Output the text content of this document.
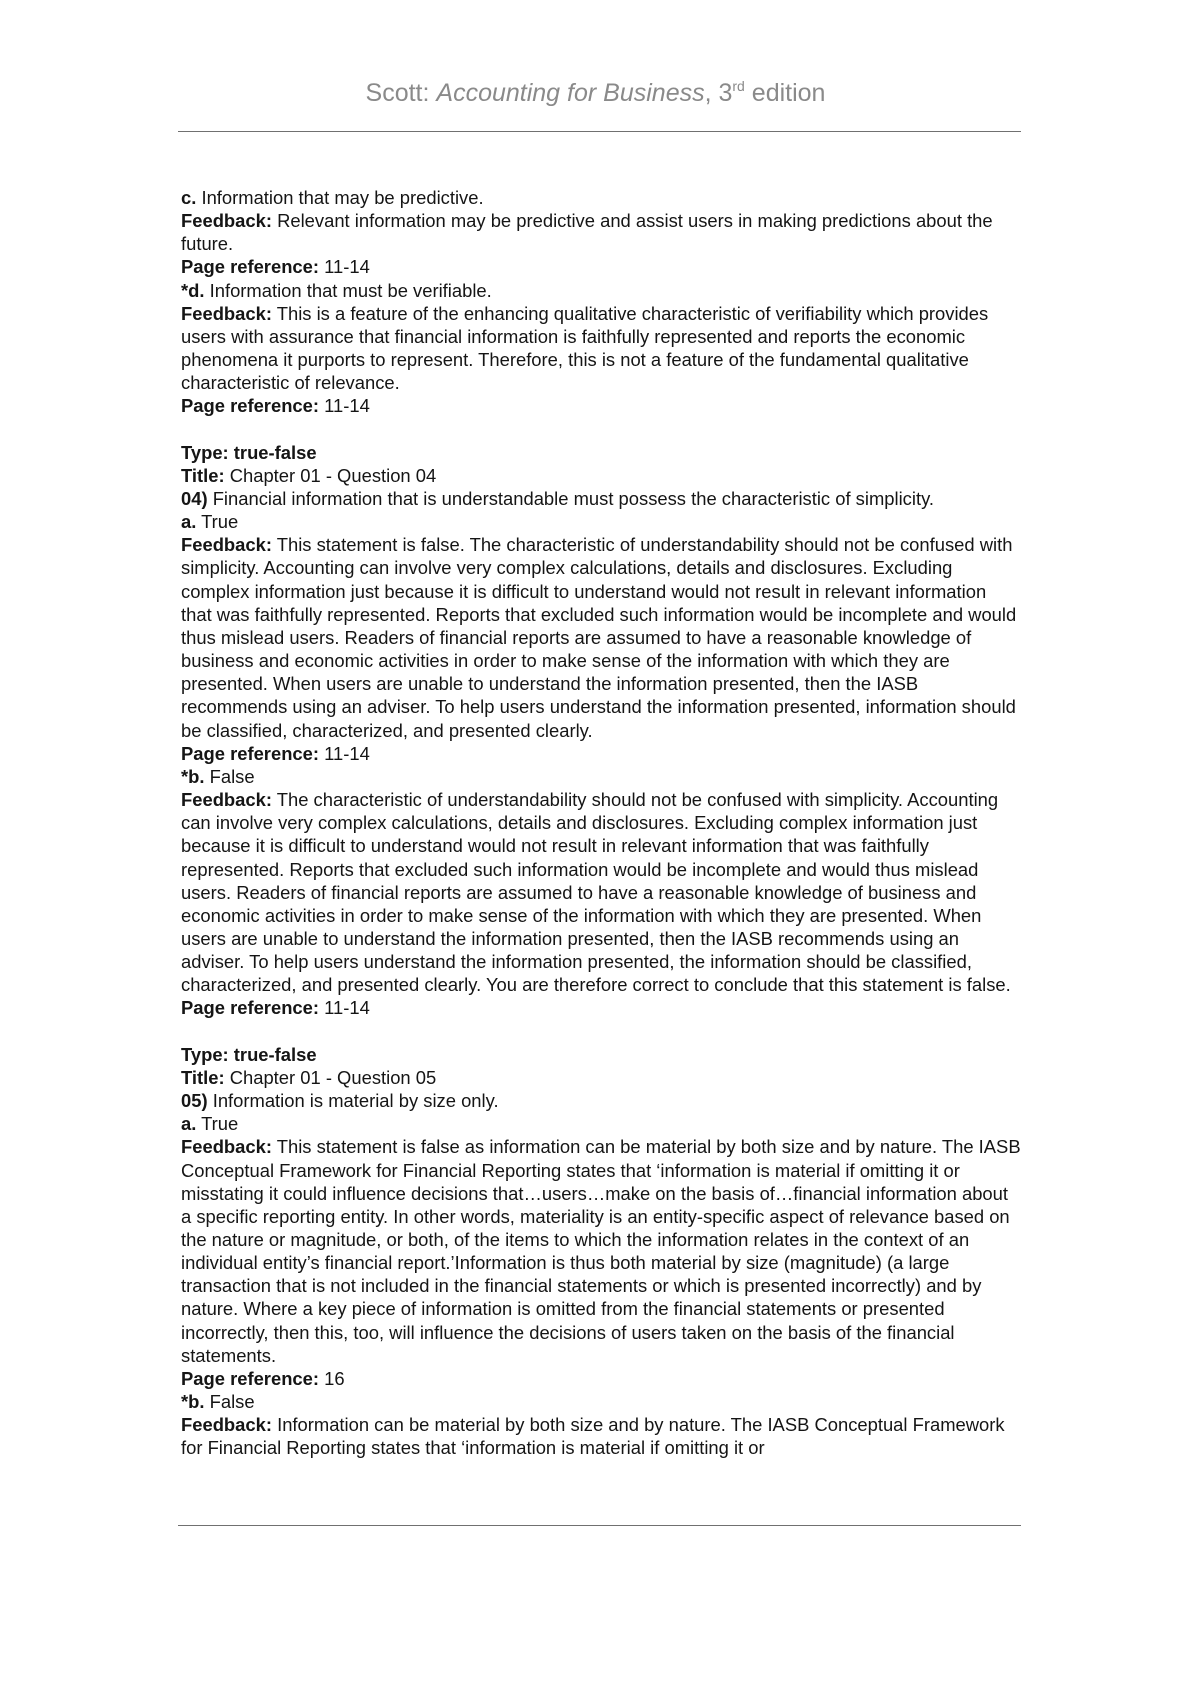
Scott: Accounting for Business, 3rd edition

c. Information that may be predictive.

Feedback: Relevant information may be predictive and assist users in making predictions about the future.

Page reference: 11-14

*d. Information that must be verifiable.

Feedback: This is a feature of the enhancing qualitative characteristic of verifiability which provides users with assurance that financial information is faithfully represented and reports the economic phenomena it purports to represent. Therefore, this is not a feature of the fundamental qualitative characteristic of relevance.

Page reference: 11-14

Type: true-false

Title: Chapter 01 - Question 04

04) Financial information that is understandable must possess the characteristic of simplicity.

a. True

Feedback: This statement is false. The characteristic of understandability should not be confused with simplicity. Accounting can involve very complex calculations, details and disclosures. Excluding complex information just because it is difficult to understand would not result in relevant information that was faithfully represented. Reports that excluded such information would be incomplete and would thus mislead users. Readers of financial reports are assumed to have a reasonable knowledge of business and economic activities in order to make sense of the information with which they are presented. When users are unable to understand the information presented, then the IASB recommends using an adviser. To help users understand the information presented, information should be classified, characterized, and presented clearly.

Page reference: 11-14

*b. False

Feedback: The characteristic of understandability should not be confused with simplicity. Accounting can involve very complex calculations, details and disclosures. Excluding complex information just because it is difficult to understand would not result in relevant information that was faithfully represented. Reports that excluded such information would be incomplete and would thus mislead users. Readers of financial reports are assumed to have a reasonable knowledge of business and economic activities in order to make sense of the information with which they are presented. When users are unable to understand the information presented, then the IASB recommends using an adviser. To help users understand the information presented, the information should be classified, characterized, and presented clearly. You are therefore correct to conclude that this statement is false.

Page reference: 11-14

Type: true-false

Title: Chapter 01 - Question 05

05) Information is material by size only.

a. True

Feedback: This statement is false as information can be material by both size and by nature. The IASB Conceptual Framework for Financial Reporting states that ‘information is material if omitting it or misstating it could influence decisions that…users…make on the basis of…financial information about a specific reporting entity. In other words, materiality is an entity-specific aspect of relevance based on the nature or magnitude, or both, of the items to which the information relates in the context of an individual entity’s financial report.’Information is thus both material by size (magnitude) (a large transaction that is not included in the financial statements or which is presented incorrectly) and by nature. Where a key piece of information is omitted from the financial statements or presented incorrectly, then this, too, will influence the decisions of users taken on the basis of the financial statements.

Page reference: 16

*b. False

Feedback: Information can be material by both size and by nature. The IASB Conceptual Framework for Financial Reporting states that ‘information is material if omitting it or
